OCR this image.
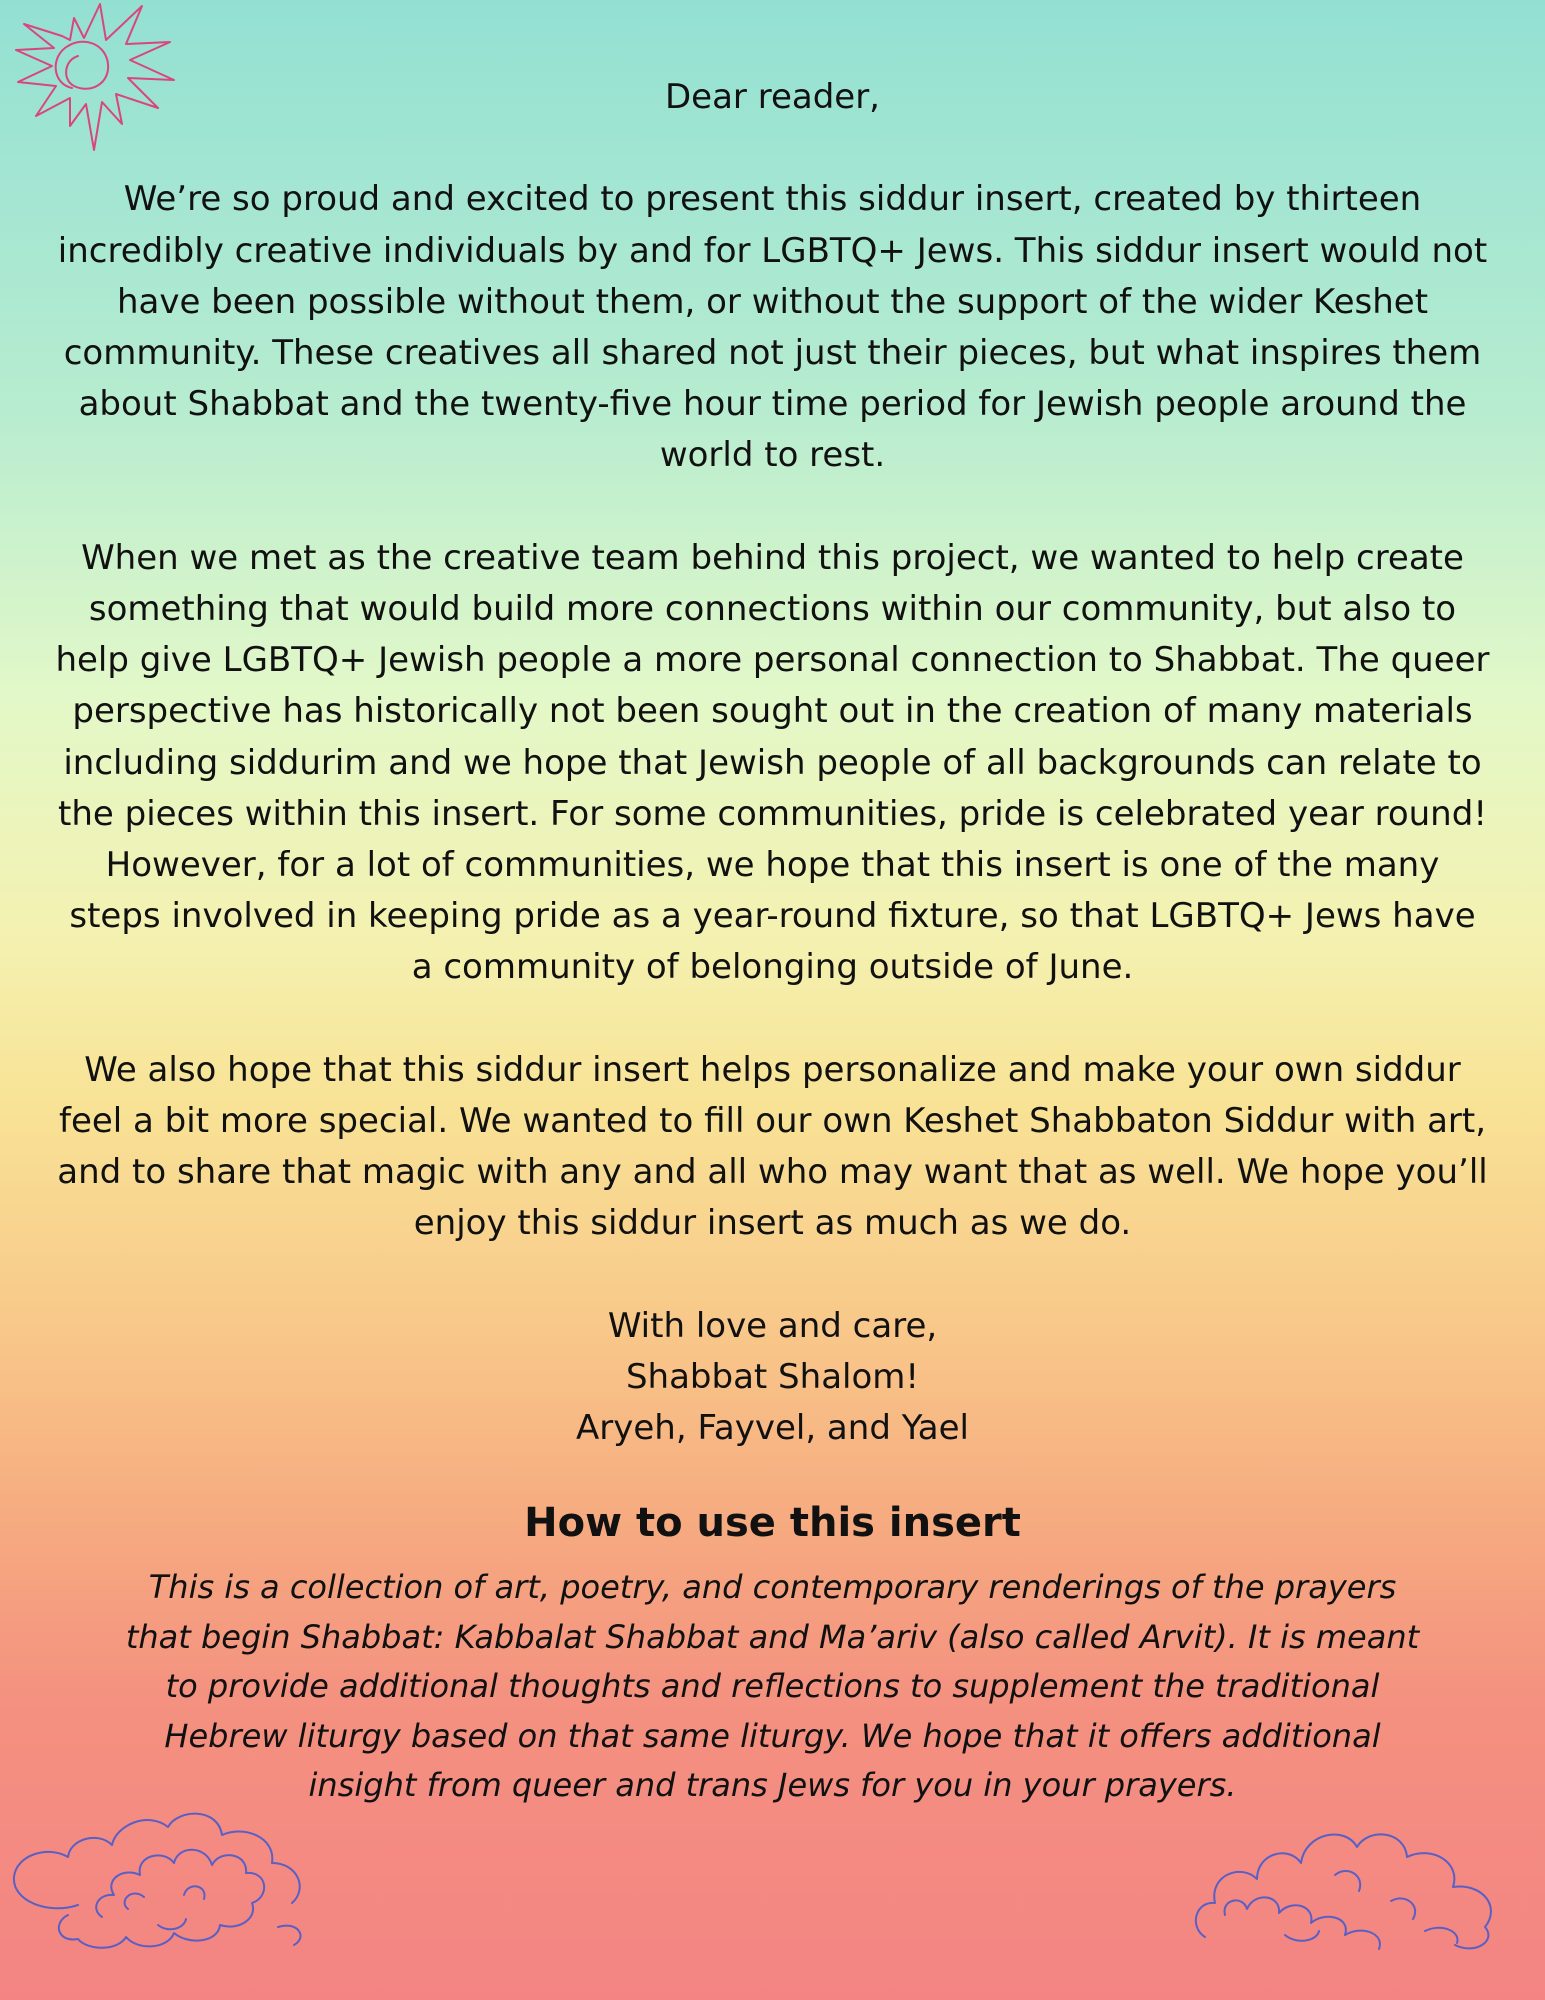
Dear reader,

We’re so proud and excited to present this siddur insert, created by thirteen incredibly creative individuals by and for LGBTQ+ Jews. This siddur insert would not have been possible without them, or without the support of the wider Keshet community. These creatives all shared not just their pieces, but what inspires them about Shabbat and the twenty-five hour time period for Jewish people around the world to rest.

When we met as the creative team behind this project, we wanted to help create something that would build more connections within our community, but also to help give LGBTQ+ Jewish people a more personal connection to Shabbat. The queer perspective has historically not been sought out in the creation of many materials including siddurim and we hope that Jewish people of all backgrounds can relate to the pieces within this insert. For some communities, pride is celebrated year round! However, for a lot of communities, we hope that this insert is one of the many steps involved in keeping pride as a year-round fixture, so that LGBTQ+ Jews have a community of belonging outside of June.

We also hope that this siddur insert helps personalize and make your own siddur feel a bit more special. We wanted to fill our own Keshet Shabbaton Siddur with art, and to share that magic with any and all who may want that as well. We hope you’ll enjoy this siddur insert as much as we do.

With love and care,
Shabbat Shalom!
Aryeh, Fayvel, and Yael

How to use this insert

This is a collection of art, poetry, and contemporary renderings of the prayers that begin Shabbat: Kabbalat Shabbat and Ma’ariv (also called Arvit). It is meant to provide additional thoughts and reflections to supplement the traditional Hebrew liturgy based on that same liturgy. We hope that it offers additional insight from queer and trans Jews for you in your prayers.
